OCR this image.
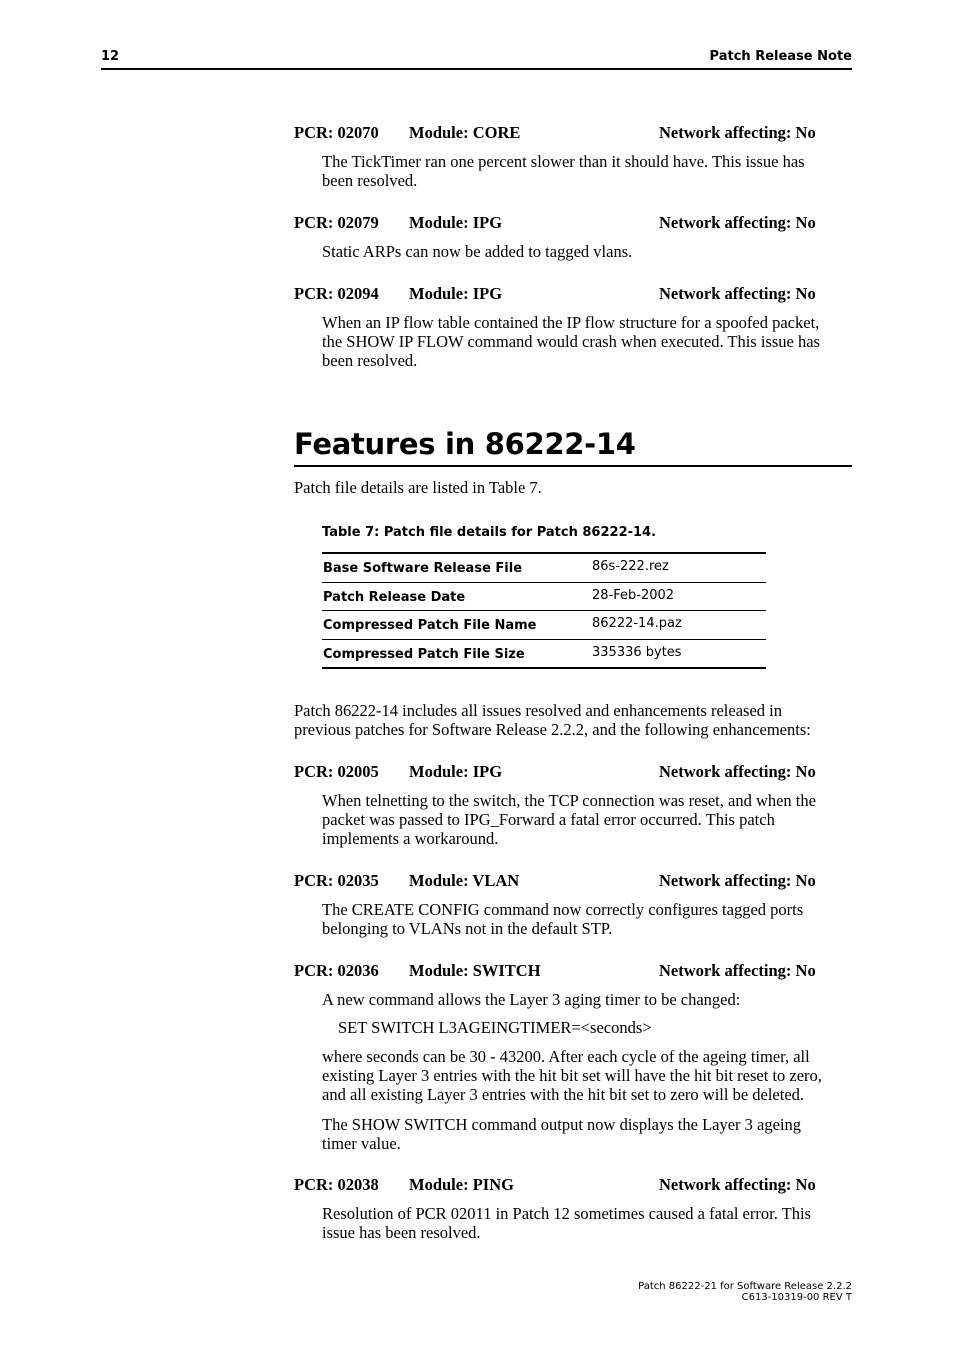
12	Patch Release Note
PCR: 02070 Module: CORE	Network affecting: No
The TickTimer ran one percent slower than it should have. This issue has
been resolved.
PCR: 02079 Module: IPG	Network affecting: No
Static ARPs can now be added to tagged vlans.
PCR: 02094 Module: IPG	Network affecting: No
When an IP flow table contained the IP flow structure for a spoofed packet,
the SHOW IP FLOW command would crash when executed. This issue has
been resolved.
Features in 86222-14
Patch file details are listed in Table 7.
Table 7: Patch file details for Patch 86222-14.
Base Software Release File	86s-222.rez
Patch Release Date	28-Feb-2002
Compressed Patch File Name	86222-14.paz
Compressed Patch File Size	335336 bytes
Patch 86222-14 includes all issues resolved and enhancements released in
previous patches for Software Release 2.2.2, and the following enhancements:
PCR: 02005 Module: IPG	Network affecting: No
When telnetting to the switch, the TCP connection was reset, and when the
packet was passed to IPG_Forward a fatal error occurred. This patch
implements a workaround.
PCR: 02035 Module: VLAN	Network affecting: No
The CREATE CONFIG command now correctly configures tagged ports
belonging to VLANs not in the default STP.
PCR: 02036 Module: SWITCH	Network affecting: No
A new command allows the Layer 3 aging timer to be changed:
SET SWITCH L3AGEINGTIMER=<seconds>
where seconds can be 30 - 43200. After each cycle of the ageing timer, all
existing Layer 3 entries with the hit bit set will have the hit bit reset to zero,
and all existing Layer 3 entries with the hit bit set to zero will be deleted.
The SHOW SWITCH command output now displays the Layer 3 ageing
timer value.
PCR: 02038 Module: PING	Network affecting: No
Resolution of PCR 02011 in Patch 12 sometimes caused a fatal error. This
issue has been resolved.
Patch 86222-21 for Software Release 2.2.2
C613-10319-00 REV T
